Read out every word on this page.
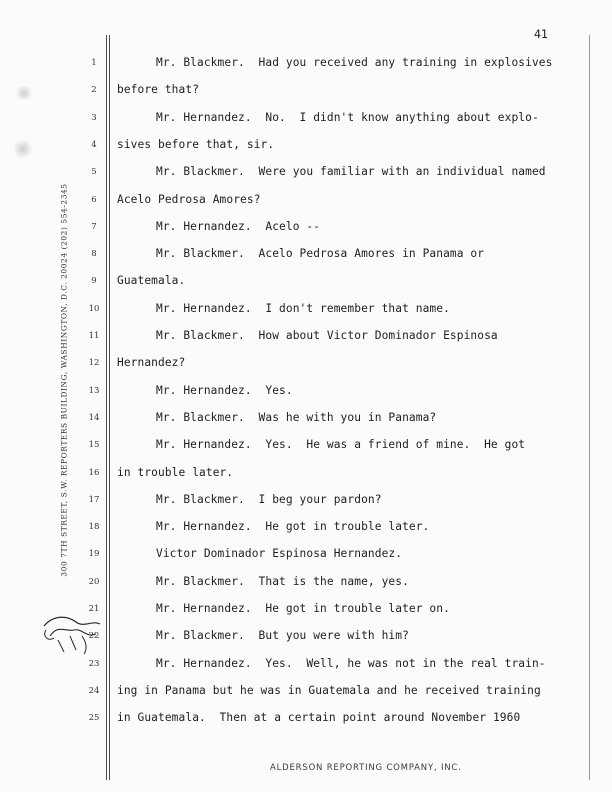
41
300 7TH STREET, S.W. REPORTERS BUILDING, WASHINGTON, D.C. 20024 (202) 554-2345
1	Mr. Blackmer.  Had you received any training in explosives
2	before that?
3	Mr. Hernandez.  No.  I didn't know anything about explo-
4	sives before that, sir.
5	Mr. Blackmer.  Were you familiar with an individual named
6	Acelo Pedrosa Amores?
7	Mr. Hernandez.  Acelo --
8	Mr. Blackmer.  Acelo Pedrosa Amores in Panama or
9	Guatemala.
10	Mr. Hernandez.  I don't remember that name.
11	Mr. Blackmer.  How about Victor Dominador Espinosa
12	Hernandez?
13	Mr. Hernandez.  Yes.
14	Mr. Blackmer.  Was he with you in Panama?
15	Mr. Hernandez.  Yes.  He was a friend of mine.  He got
16	in trouble later.
17	Mr. Blackmer.  I beg your pardon?
18	Mr. Hernandez.  He got in trouble later.
19	Victor Dominador Espinosa Hernandez.
20	Mr. Blackmer.  That is the name, yes.
21	Mr. Hernandez.  He got in trouble later on.
22	Mr. Blackmer.  But you were with him?
23	Mr. Hernandez.  Yes.  Well, he was not in the real train-
24	ing in Panama but he was in Guatemala and he received training
25	in Guatemala.  Then at a certain point around November 1960
ALDERSON REPORTING COMPANY, INC.
